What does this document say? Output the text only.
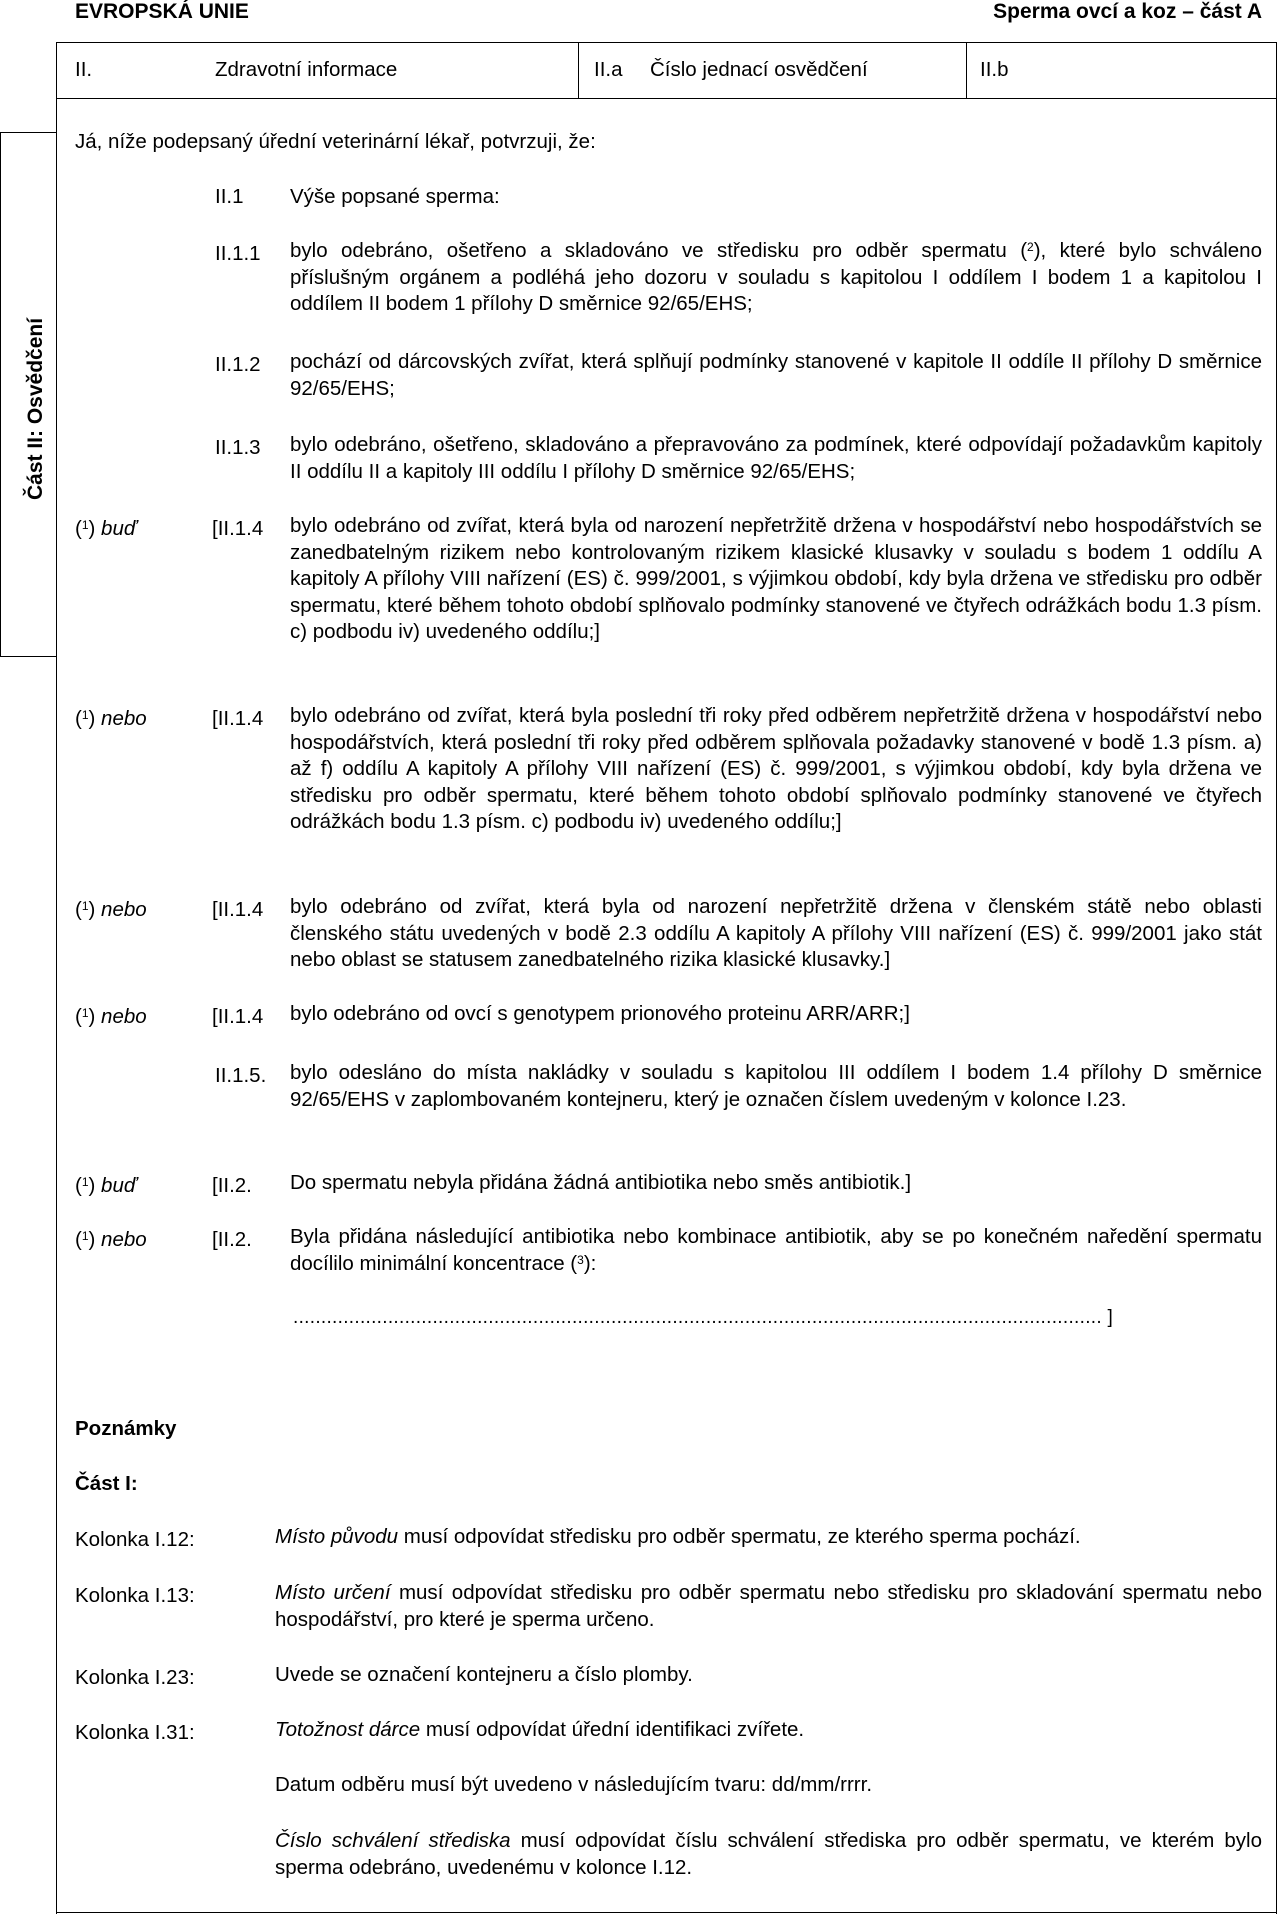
EVROPSKÁ UNIE	Sperma ovcí a koz – část A
II.	Zdravotní informace	II.a Číslo jednací osvědčení	II.b
Část II: Osvědčení
Já, níže podepsaný úřední veterinární lékař, potvrzuji, že:
II.1 Výše popsané sperma:
II.1.1 bylo odebráno, ošetřeno a skladováno ve středisku pro odběr spermatu ($^2$), které bylo schváleno příslušným orgánem a podléhá jeho dozoru v souladu s kapitolou I oddílem I bodem 1 a kapitolou I oddílem II bodem 1 přílohy D směrnice 92/65/EHS;
II.1.2 pochází od dárcovských zvířat, která splňují podmínky stanovené v kapitole II oddíle II přílohy D směrnice 92/65/EHS;
II.1.3 bylo odebráno, ošetřeno, skladováno a přepravováno za podmínek, které odpovídají požadavkům kapitoly II oddílu II a kapitoly III oddílu I přílohy D směrnice 92/65/EHS;
($^1$) buď	[II.1.4 bylo odebráno od zvířat, která byla od narození nepřetržitě držena v hospodářství nebo hospodářstvích se zanedbatelným rizikem nebo kontrolovaným rizikem klasické klusavky v souladu s bodem 1 oddílu A kapitoly A přílohy VIII nařízení (ES) č. 999/2001, s výjimkou období, kdy byla držena ve středisku pro odběr spermatu, které během tohoto období splňovalo podmínky stanovené ve čtyřech odrážkách bodu 1.3 písm. c) podbodu iv) uvedeného oddílu;]
($^1$) nebo	[II.1.4 bylo odebráno od zvířat, která byla poslední tři roky před odběrem nepřetržitě držena v hospodářství nebo hospodářstvích, která poslední tři roky před odběrem splňovala požadavky stanovené v bodě 1.3 písm. a) až f) oddílu A kapitoly A přílohy VIII nařízení (ES) č. 999/2001, s výjimkou období, kdy byla držena ve středisku pro odběr spermatu, které během tohoto období splňovalo podmínky stanovené ve čtyřech odrážkách bodu 1.3 písm. c) podbodu iv) uvedeného oddílu;]
($^1$) nebo	[II.1.4 bylo odebráno od zvířat, která byla od narození nepřetržitě držena v členském státě nebo oblasti členského státu uvedených v bodě 2.3 oddílu A kapitoly A přílohy VIII nařízení (ES) č. 999/2001 jako stát nebo oblast se statusem zanedbatelného rizika klasické klusavky.]
($^1$) nebo	[II.1.4 bylo odebráno od ovcí s genotypem prionového proteinu ARR/ARR;]
II.1.5. bylo odesláno do místa nakládky v souladu s kapitolou III oddílem I bodem 1.4 přílohy D směrnice 92/65/EHS v zaplombovaném kontejneru, který je označen číslem uvedeným v kolonce I.23.
($^1$) buď	[II.2. Do spermatu nebyla přidána žádná antibiotika nebo směs antibiotik.]
($^1$) nebo	[II.2. Byla přidána následující antibiotika nebo kombinace antibiotik, aby se po konečném naředění spermatu docílilo minimální koncentrace ($^3$):
................................................................................................................................................. ]
Poznámky
Část I:
Kolonka I.12:	Místo původu musí odpovídat středisku pro odběr spermatu, ze kterého sperma pochází.
Kolonka I.13:	Místo určení musí odpovídat středisku pro odběr spermatu nebo středisku pro skladování spermatu nebo hospodářství, pro které je sperma určeno.
Kolonka I.23:	Uvede se označení kontejneru a číslo plomby.
Kolonka I.31:	Totožnost dárce musí odpovídat úřední identifikaci zvířete.
Datum odběru musí být uvedeno v následujícím tvaru: dd/mm/rrrr.
Číslo schválení střediska musí odpovídat číslu schválení střediska pro odběr spermatu, ve kterém bylo sperma odebráno, uvedenému v kolonce I.12.
